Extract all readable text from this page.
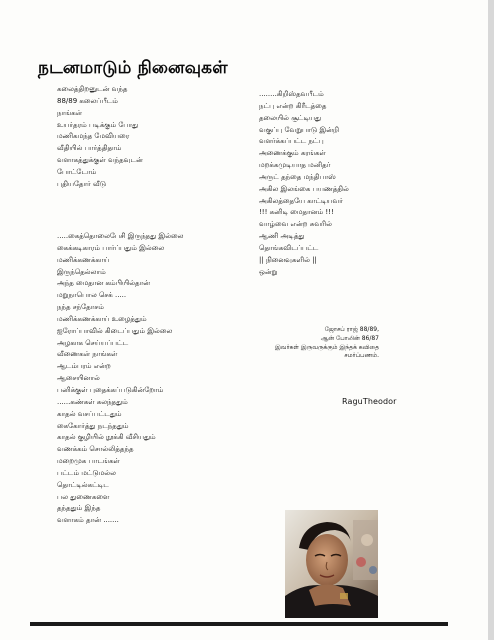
நடனமாடும் நினைவுகள்
கலைத்திறனுடன் வந்த
88/89 கலைப்பீடம்
நாங்கள்
உயர்தரம் படிக்கும் போது
மணிகமந்த மேவியரை
வீதியில் பார்த்திதாம்
வளாகத்துக்குள் வந்தவுடன்
போட்டோம்
புதியதோர் வீடு
.....கைத்தொலைபேசி இருந்தது இல்லை
கைக்கடிகாரம் பார்ப்பதும் இல்லை
மணிக்கணக்காய்
இருந்தெல்லாம்
அந்த மைதான கம்பியில்தான்
மறுநாபொல செக் .....
நந்த சந்தோசம்
மணிக்கணக்காய் உழைத்தும்
ஐரோப்பாவில் கிடைப்பதும் இல்லை
அழகாக செய்யப்பட்ட
வீணைகள் நாங்கள்
ஆடம்பரம் என்ற
ஆசையினால்
பனிக்குள் புதைக்கப்படுகின்றோம்
......கண்கள் கலந்ததும்
காதல் வசப்பட்டதும்
கைகோர்த்து நடந்ததும்
காதல் குழியில் நூக்கி வீசியதும்
வணக்கம் சொல்லித்தந்த
மறைமுக பாடங்கள்
பட்டம் மட்டுமல்ல
தொட்டில்கட்டிட
பல துணைகளை
தந்ததும் இந்த
வளாகம் தான் .......
........கிறிஸ்தவபீடம்
நட்பு என்ற கிரீடத்தை
தலையில் சூட்டியது
வகுப்பு வேறுபாடு இன்றி
வளர்க்கப்பட்ட நட்பு
அணைக்கும் கரங்கள்
மறக்கமுடியாத மனிதர்
அருட் தந்தை மந்திபாஸ்
அகில இலங்கை பயணத்தில்
அகிலத்தையே காட்டியவர்
!!! கனிடி மைதானம் !!!
வாழ்வை என்ற சுவரில்
ஆணி அடித்து
தொங்கவிடப்பட்ட
|| நினைவுகளில் ||
ஒன்று
ஜோசப் ராஜ் 88/89,
ஆன் போலின் 86/87
இவர்கள் இருவருக்கும் இந்தக் கவிதை
சமர்ப்பணம்.
RaguTheodor
